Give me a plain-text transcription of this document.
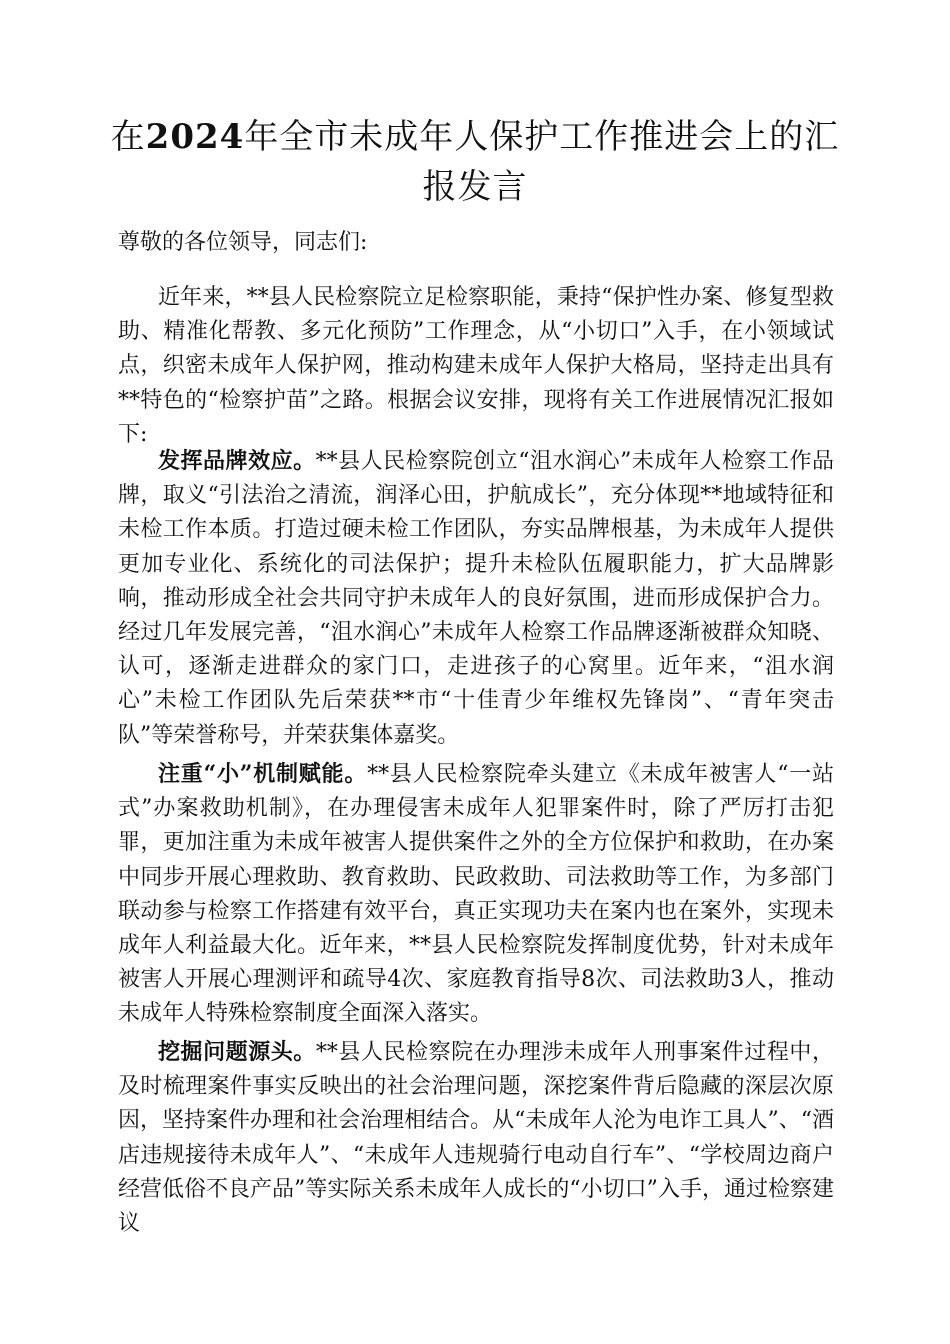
在2024年全市未成年人保护工作推进会上的汇报发言

尊敬的各位领导，同志们:

近年来，**县人民检察院立足检察职能，秉持“保护性办案、修复型救助、精准化帮教、多元化预防”工作理念，从“小切口”入手，在小领域试点，织密未成年人保护网，推动构建未成年人保护大格局，坚持走出具有**特色的“检察护苗”之路。根据会议安排，现将有关工作进展情况汇报如下:

发挥品牌效应。**县人民检察院创立“沮水润心”未成年人检察工作品牌，取义“引法治之清流，润泽心田，护航成长”，充分体现**地域特征和未检工作本质。打造过硬未检工作团队，夯实品牌根基，为未成年人提供更加专业化、系统化的司法保护；提升未检队伍履职能力，扩大品牌影响，推动形成全社会共同守护未成年人的良好氛围，进而形成保护合力。经过几年发展完善，“沮水润心”未成年人检察工作品牌逐渐被群众知晓、认可，逐渐走进群众的家门口，走进孩子的心窝里。近年来，“沮水润心”未检工作团队先后荣获**市“十佳青少年维权先锋岗”、“青年突击队”等荣誉称号，并荣获集体嘉奖。

注重“小”机制赋能。**县人民检察院牵头建立《未成年被害人“一站式”办案救助机制》，在办理侵害未成年人犯罪案件时，除了严厉打击犯罪，更加注重为未成年被害人提供案件之外的全方位保护和救助，在办案中同步开展心理救助、教育救助、民政救助、司法救助等工作，为多部门联动参与检察工作搭建有效平台，真正实现功夫在案内也在案外，实现未成年人利益最大化。近年来，**县人民检察院发挥制度优势，针对未成年被害人开展心理测评和疏导4次、家庭教育指导8次、司法救助3人，推动未成年人特殊检察制度全面深入落实。

挖掘问题源头。**县人民检察院在办理涉未成年人刑事案件过程中，及时梳理案件事实反映出的社会治理问题，深挖案件背后隐藏的深层次原因，坚持案件办理和社会治理相结合。从“未成年人沦为电诈工具人”、“酒店违规接待未成年人”、“未成年人违规骑行电动自行车”、“学校周边商户经营低俗不良产品”等实际关系未成年人成长的“小切口”入手，通过检察建议
